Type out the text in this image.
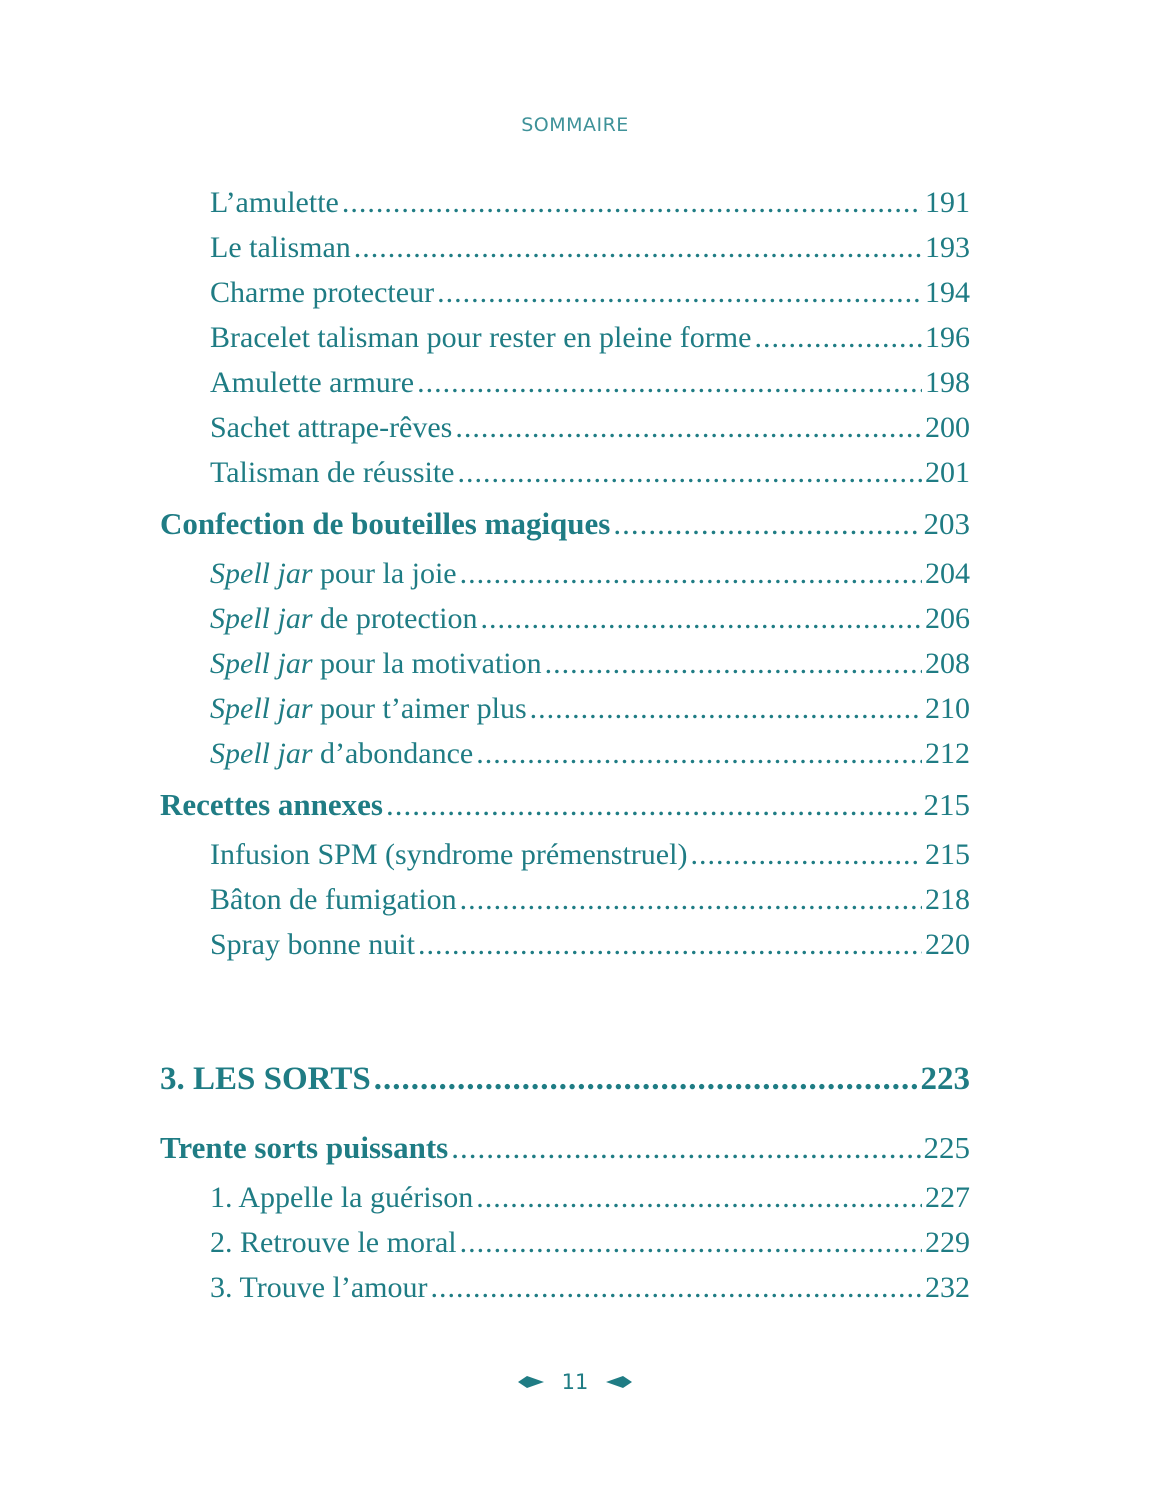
SOMMAIRE
L’amulette .....	191
Le talisman .....	193
Charme protecteur .....	194
Bracelet talisman pour rester en pleine forme .....	196
Amulette armure .....	198
Sachet attrape-rêves .....	200
Talisman de réussite .....	201
Confection de bouteilles magiques .....	203
Spell jar pour la joie .....	204
Spell jar de protection .....	206
Spell jar pour la motivation .....	208
Spell jar pour t’aimer plus .....	210
Spell jar d’abondance .....	212
Recettes annexes .....	215
Infusion SPM (syndrome prémenstruel) .....	215
Bâton de fumigation .....	218
Spray bonne nuit .....	220
3. LES SORTS .....	223
Trente sorts puissants .....	225
1. Appelle la guérison .....	227
2. Retrouve le moral .....	229
3. Trouve l’amour .....	232
11
